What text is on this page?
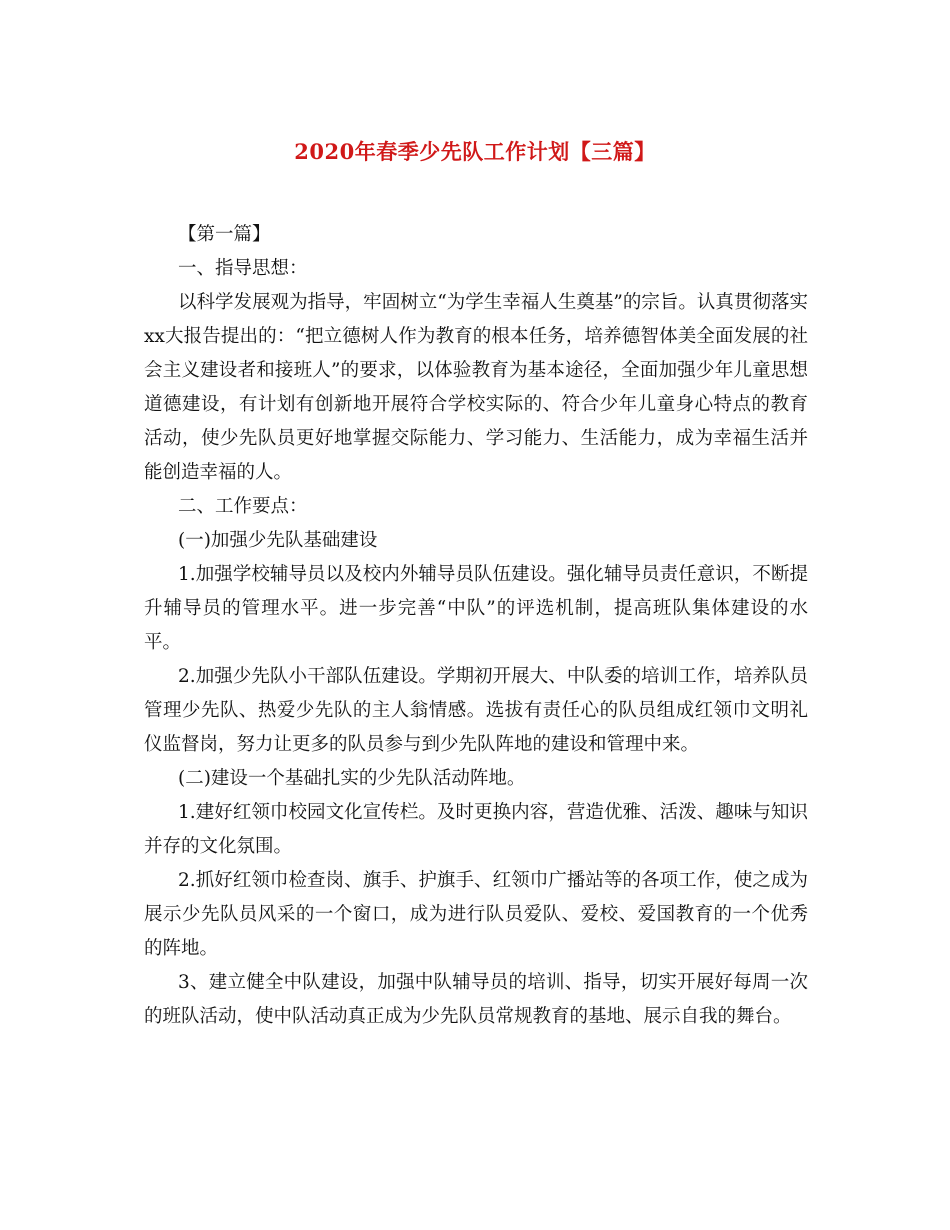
2020年春季少先队工作计划【三篇】

【第一篇】

一、指导思想：

以科学发展观为指导，牢固树立“为学生幸福人生奠基”的宗旨。认真贯彻落实xx大报告提出的：“把立德树人作为教育的根本任务，培养德智体美全面发展的社会主义建设者和接班人”的要求，以体验教育为基本途径，全面加强少年儿童思想道德建设，有计划有创新地开展符合学校实际的、符合少年儿童身心特点的教育活动，使少先队员更好地掌握交际能力、学习能力、生活能力，成为幸福生活并能创造幸福的人。

二、工作要点：

(一)加强少先队基础建设

1.加强学校辅导员以及校内外辅导员队伍建设。强化辅导员责任意识，不断提升辅导员的管理水平。进一步完善“中队”的评选机制，提高班队集体建设的水平。

2.加强少先队小干部队伍建设。学期初开展大、中队委的培训工作，培养队员管理少先队、热爱少先队的主人翁情感。选拔有责任心的队员组成红领巾文明礼仪监督岗，努力让更多的队员参与到少先队阵地的建设和管理中来。

(二)建设一个基础扎实的少先队活动阵地。

1.建好红领巾校园文化宣传栏。及时更换内容，营造优雅、活泼、趣味与知识并存的文化氛围。

2.抓好红领巾检查岗、旗手、护旗手、红领巾广播站等的各项工作，使之成为展示少先队员风采的一个窗口，成为进行队员爱队、爱校、爱国教育的一个优秀的阵地。

3、建立健全中队建设，加强中队辅导员的培训、指导，切实开展好每周一次的班队活动，使中队活动真正成为少先队员常规教育的基地、展示自我的舞台。
